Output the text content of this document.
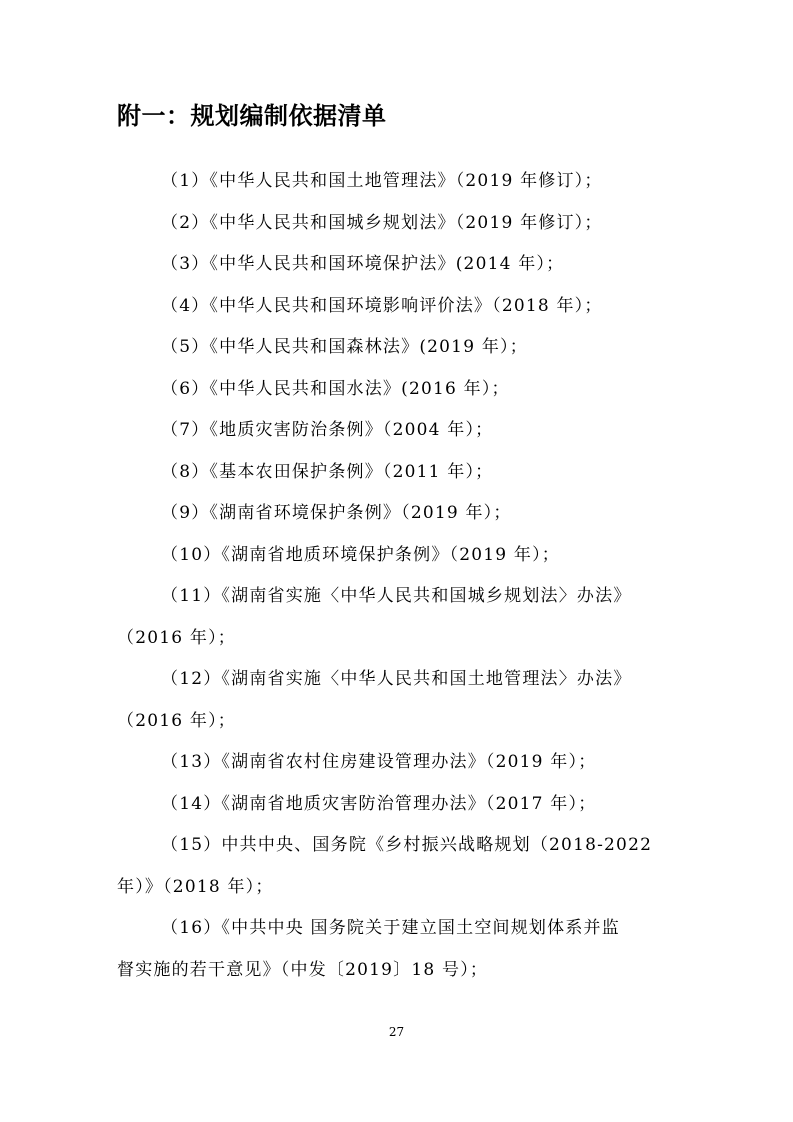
附一：规划编制依据清单
（1）《中华人民共和国土地管理法》（2019 年修订）；
（2）《中华人民共和国城乡规划法》（2019 年修订）；
（3）《中华人民共和国环境保护法》(2014 年）；
（4）《中华人民共和国环境影响评价法》（2018 年）；
（5）《中华人民共和国森林法》(2019 年）；
（6）《中华人民共和国水法》(2016 年）；
（7）《地质灾害防治条例》（2004 年）；
（8）《基本农田保护条例》（2011 年）；
（9）《湖南省环境保护条例》（2019 年）；
（10）《湖南省地质环境保护条例》（2019 年）；
（11）《湖南省实施〈中华人民共和国城乡规划法〉办法》
（2016 年）；
（12）《湖南省实施〈中华人民共和国土地管理法〉办法》
（2016 年）；
（13）《湖南省农村住房建设管理办法》（2019 年）；
（14）《湖南省地质灾害防治管理办法》（2017 年）；
（15）中共中央、国务院《乡村振兴战略规划（2018-2022
年）》（2018 年）；
（16）《中共中央 国务院关于建立国土空间规划体系并监
督实施的若干意见》（中发〔2019〕18 号）；
27
